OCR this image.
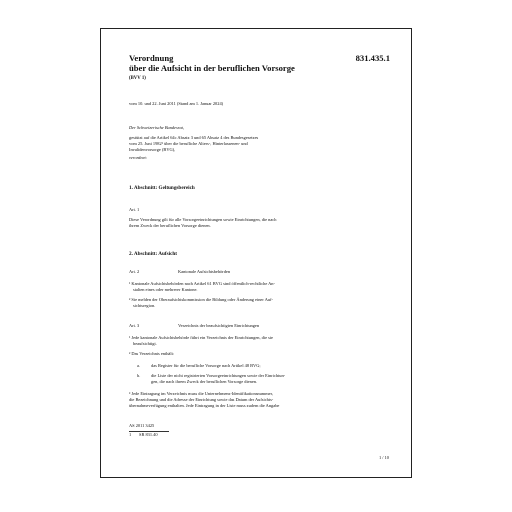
Verordnung
über die Aufsicht in der beruflichen Vorsorge
(BVV 1)
831.435.1
vom 10. und 22. Juni 2011 (Stand am 1. Januar 2024)
Der Schweizerische Bundesrat,
gestützt auf die Artikel 64c Absatz 3 und 65 Absatz 4 des Bundesgesetzes
vom 25. Juni 1982¹ über die berufliche Alters-, Hinterlassenen- und
Invalidenvorsorge (BVG),
verordnet:
1. Abschnitt: Geltungsbereich
Art. 1
Diese Verordnung gilt für alle Vorsorgeeinrichtungen sowie Einrichtungen, die nach
ihrem Zweck der beruflichen Vorsorge dienen.
2. Abschnitt: Aufsicht
Art. 2	Kantonale Aufsichtsbehörden
¹ Kantonale Aufsichtsbehörden nach Artikel 61 BVG sind öffentlich-rechtliche An-
stalten eines oder mehrerer Kantone.
² Sie melden der Oberaufsichtskommission die Bildung oder Änderung einer Auf-
sichtsregion.
Art. 3	Verzeichnis der beaufsichtigten Einrichtungen
¹ Jede kantonale Aufsichtsbehörde führt ein Verzeichnis der Einrichtungen, die sie
beaufsichtigt.
² Das Verzeichnis enthält:
a. das Register für die berufliche Vorsorge nach Artikel 48 BVG;
b. die Liste der nicht registrierten Vorsorgeeinrichtungen sowie der Einrichtun-
gen, die nach ihrem Zweck der beruflichen Vorsorge dienen.
³ Jede Eintragung im Verzeichnis muss die Unternehmens-Identifikationsnummer,
die Bezeichnung und die Adresse der Einrichtung sowie das Datum der Aufsichts-
übernahmeverfügung enthalten. Jede Eintragung in der Liste muss zudem die Angabe
AS 2011 3425
1 SR 831.40
1 / 10
